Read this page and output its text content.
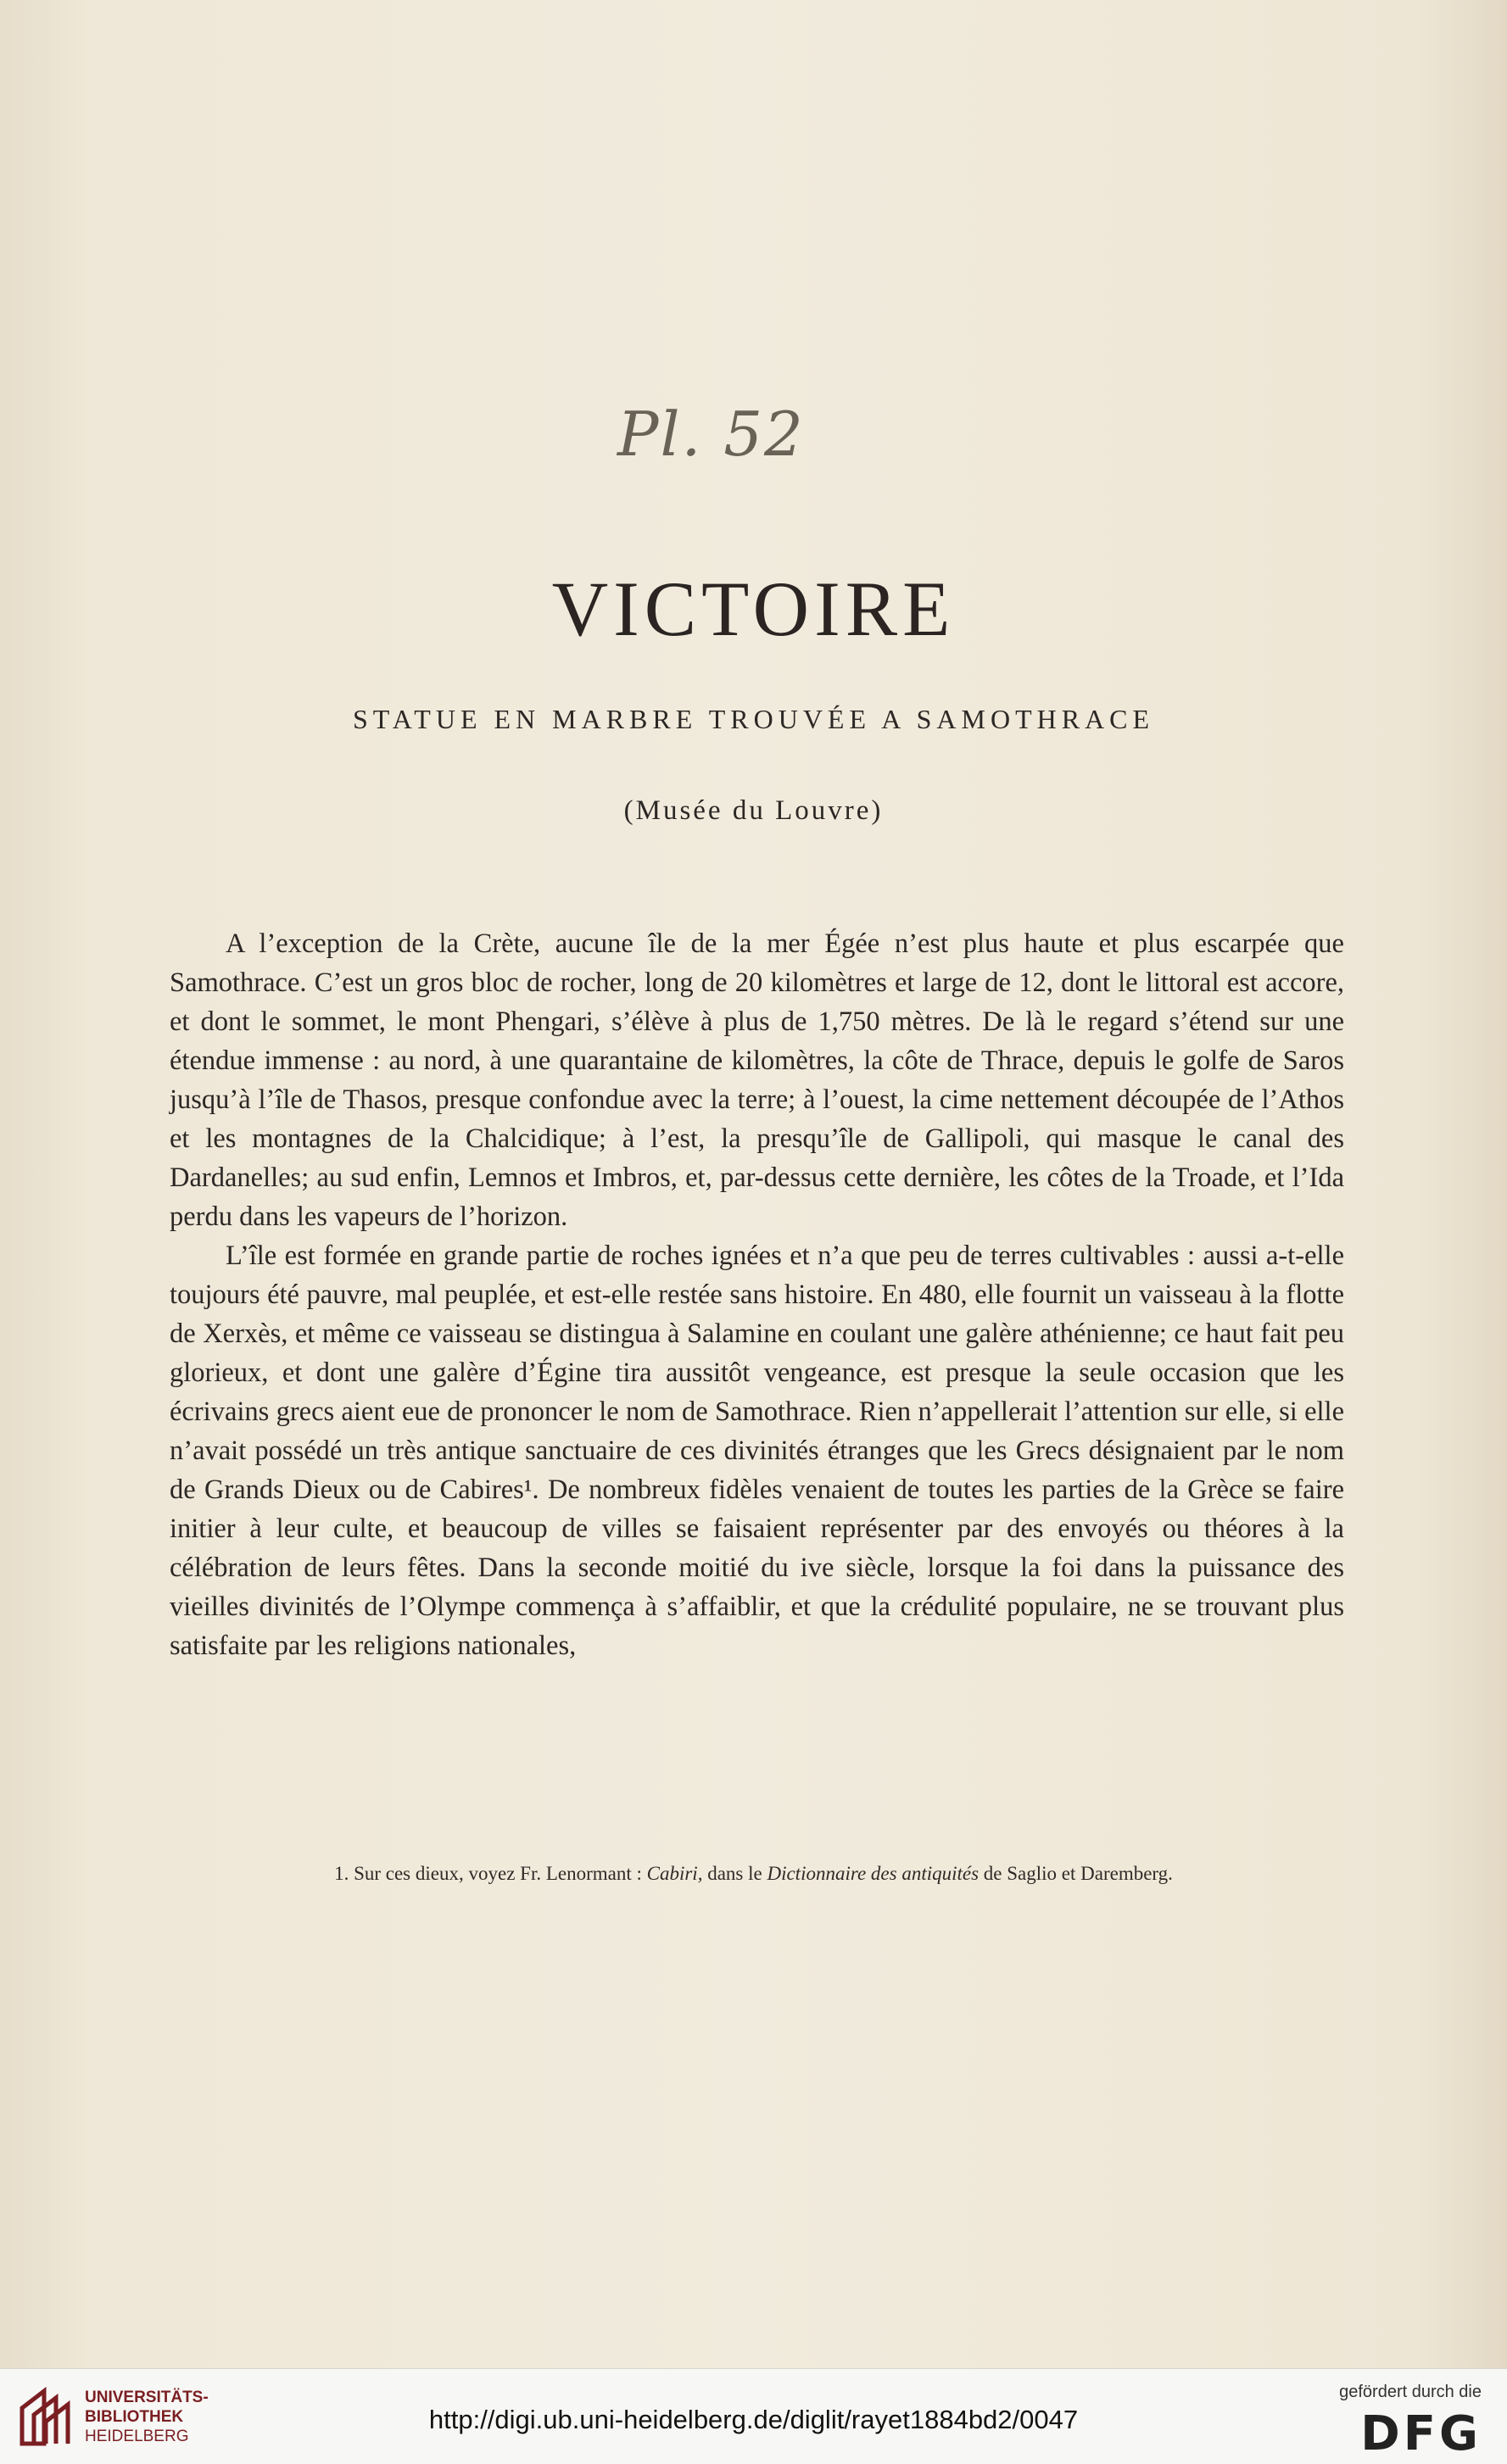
Pl. 52
VICTOIRE
STATUE EN MARBRE TROUVÉE A SAMOTHRACE
(Musée du Louvre)

A l’exception de la Crète, aucune île de la mer Égée n’est plus haute et plus escarpée que Samothrace. C’est un gros bloc de rocher, long de 20 kilomètres et large de 12, dont le littoral est accore, et dont le sommet, le mont Phengari, s’élève à plus de 1,750 mètres. De là le regard s’étend sur une étendue immense : au nord, à une quarantaine de kilomètres, la côte de Thrace, depuis le golfe de Saros jusqu’à l’île de Thasos, presque confondue avec la terre; à l’ouest, la cime nettement découpée de l’Athos et les montagnes de la Chalcidique; à l’est, la presqu’île de Gallipoli, qui masque le canal des Dardanelles; au sud enfin, Lemnos et Imbros, et, par-dessus cette dernière, les côtes de la Troade, et l’Ida perdu dans les vapeurs de l’horizon.

L’île est formée en grande partie de roches ignées et n’a que peu de terres cultivables : aussi a-t-elle toujours été pauvre, mal peuplée, et est-elle restée sans histoire. En 480, elle fournit un vaisseau à la flotte de Xerxès, et même ce vaisseau se distingua à Salamine en coulant une galère athénienne; ce haut fait peu glorieux, et dont une galère d’Égine tira aussitôt vengeance, est presque la seule occasion que les écrivains grecs aient eue de prononcer le nom de Samothrace. Rien n’appellerait l’attention sur elle, si elle n’avait possédé un très antique sanctuaire de ces divinités étranges que les Grecs désignaient par le nom de Grands Dieux ou de Cabires¹. De nombreux fidèles venaient de toutes les parties de la Grèce se faire initier à leur culte, et beaucoup de villes se faisaient représenter par des envoyés ou théores à la célébration de leurs fêtes. Dans la seconde moitié du ive siècle, lorsque la foi dans la puissance des vieilles divinités de l’Olympe commença à s’affaiblir, et que la crédulité populaire, ne se trouvant plus satisfaite par les religions nationales,

1. Sur ces dieux, voyez Fr. Lenormant : Cabiri, dans le Dictionnaire des antiquités de Saglio et Daremberg.
UNIVERSITÄTS-
BIBLIOTHEK
HEIDELBERG
http://digi.ub.uni-heidelberg.de/diglit/rayet1884bd2/0047
gefördert durch die
DFG
